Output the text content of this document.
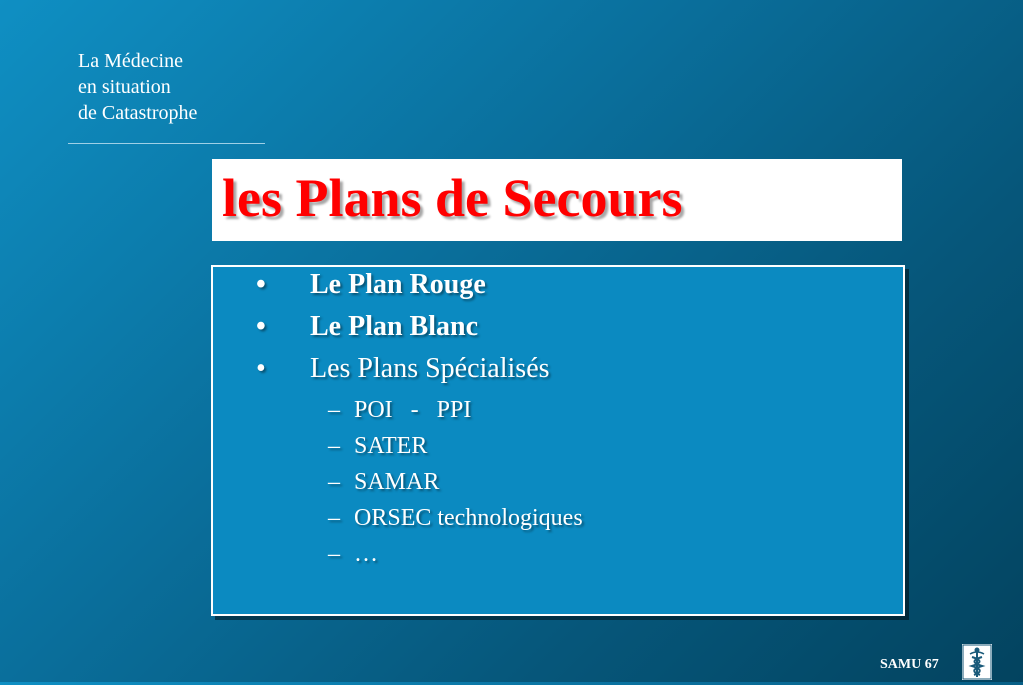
La Médecine
en situation
de Catastrophe
les Plans de Secours
• Le Plan Rouge
• Le Plan Blanc
• Les Plans Spécialisés
– POI   -   PPI
– SATER
– SAMAR
– ORSEC technologiques
– …
SAMU 67
